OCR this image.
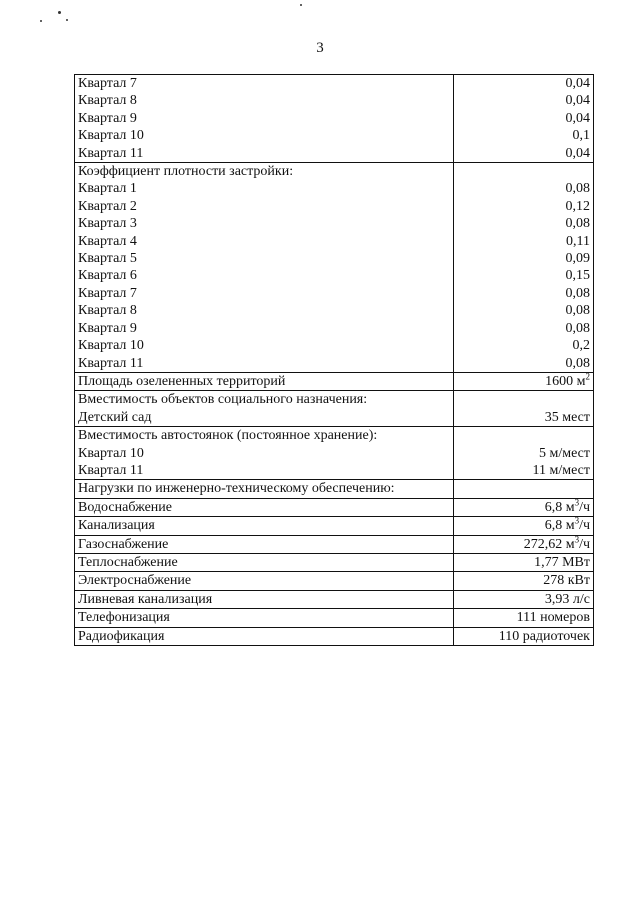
3
Квартал 7	0,04
Квартал 8	0,04
Квартал 9	0,04
Квартал 10	0,1
Квартал 11	0,04
Коэффициент плотности застройки:	
Квартал 1	0,08
Квартал 2	0,12
Квартал 3	0,08
Квартал 4	0,11
Квартал 5	0,09
Квартал 6	0,15
Квартал 7	0,08
Квартал 8	0,08
Квартал 9	0,08
Квартал 10	0,2
Квартал 11	0,08
Площадь озелененных территорий	1600 $м^2$
Вместимость объектов социального назначения:	
Детский сад	35 мест
Вместимость автостоянок (постоянное хранение):	
Квартал 10	5 м/мест
Квартал 11	11 м/мест
Нагрузки по инженерно-техническому обеспечению:	
Водоснабжение	6,8 $м^3/ч$
Канализация	6,8 $м^3/ч$
Газоснабжение	272,62 $м^3/ч$
Теплоснабжение	1,77 МВт
Электроснабжение	278 кВт
Ливневая канализация	3,93 л/с
Телефонизация	111 номеров
Радиофикация	110 радиоточек
